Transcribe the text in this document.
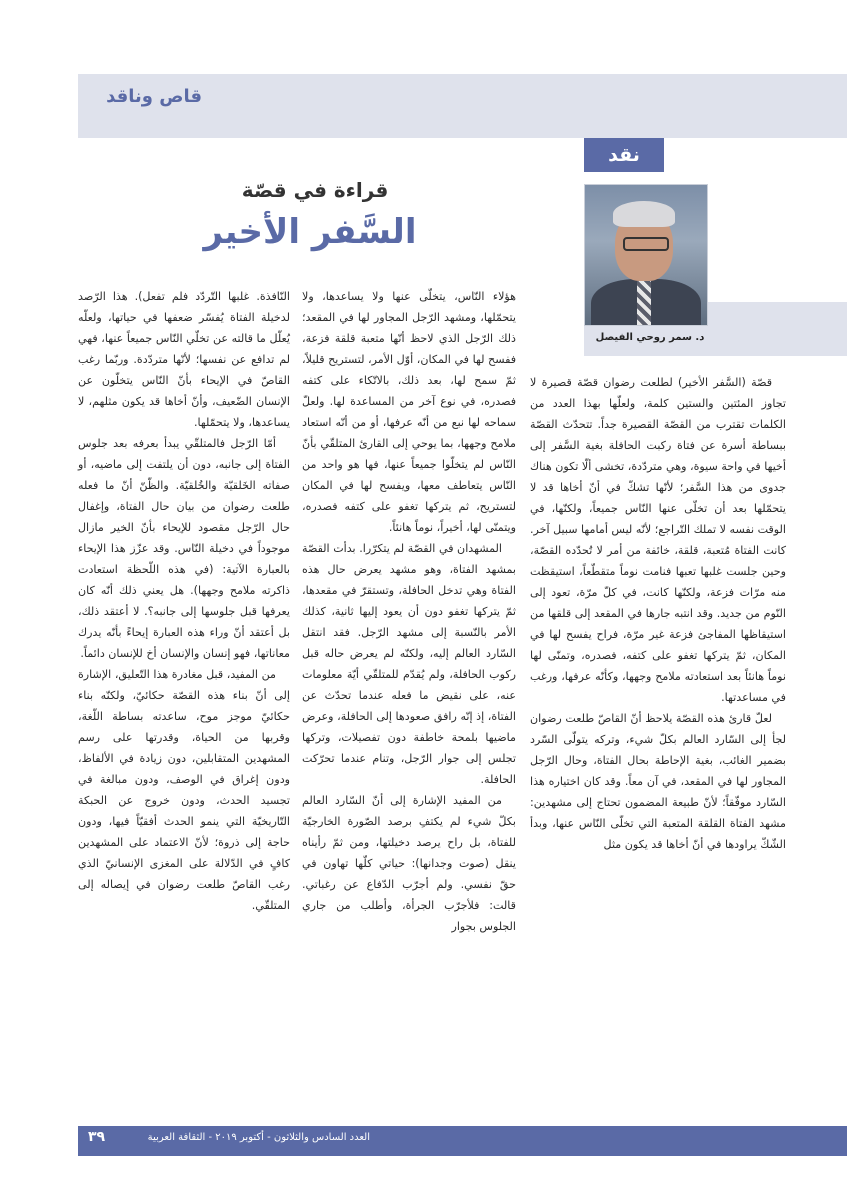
قاص وناقد
نقد
قراءة في قصّة
السَّفر الأخير
د. سمر روحي الفيصل

قصّة (السَّفر الأخير) لطلعت رضوان قصّة قصيرة لا تجاوز المئتين والستين كلمة، ولعلّها بهذا العدد من الكلمات تقترب من القصّة القصيرة جداً. تتحدّث القصّة ببساطة أسرة عن فتاة ركبت الحافلة بغية السَّفر إلى أخيها في واحة سيوة، وهي متردّدة، تخشى ألّا تكون هناك جدوى من هذا السَّفر؛ لأنّها تشكّ في أنّ أخاها قد لا يتحمّلها بعد أن تخلّى عنها النّاس جميعاً، ولكنّها، في الوقت نفسه لا تملك التّراجع؛ لأنّه ليس أمامها سبيل آخر. كانت الفتاة مُتعبة، قلقة، خائفة من أمر لا تُحدّده القصّة، وحين جلست غلبها تعبها فنامت نوماً متقطّعاً، استيقظت منه مرّات فزعة، ولكنّها كانت، في كلّ مرّة، تعود إلى النّوم من جديد. وقد انتبه جارها في المقعد إلى قلقها من استيقاظها المفاجئ فزعة غير مرّة، فراح يفسح لها في المكان، ثمّ يتركها تغفو على كتفه، فصدره، وتمنّى لها نوماً هانئاً بعد استعادته ملامح وجهها، وكأنّه عرفها، ورغب في مساعدتها.

لعلّ قارئ هذه القصّة يلاحظ أنّ القاصّ طلعت رضوان لجأ إلى السّارد العالم بكلّ شيء، وتركه يتولّى السّرد بضمير الغائب، بغية الإحاطة بحال الفتاة، وحال الرّجل المجاور لها في المقعد، في آن معاً. وقد كان اختياره هذا السّارد موفّقاً؛ لأنّ طبيعة المضمون تحتاج إلى مشهدين: مشهد الفتاة القلقة المتعبة التي تخلّى النّاس عنها، وبدأ الشّكّ يراودها في أنّ أخاها قد يكون مثل

هؤلاء النّاس، يتخلّى عنها ولا يساعدها، ولا يتحمّلها، ومشهد الرّجل المجاور لها في المقعد؛ ذلك الرّجل الذي لاحظ أنّها متعبة قلقة فزعة، ففسح لها في المكان، أوّل الأمر، لتستريح قليلاً، ثمّ سمح لها، بعد ذلك، بالاتّكاء على كتفه فصدره، في نوع آخر من المساعدة لها. ولعلّ سماحه لها نبع من أنّه عرفها، أو من أنّه استعاد ملامح وجهها، بما يوحي إلى القارئ المتلقّي بأنّ النّاس لم يتخلّوا جميعاً عنها، فها هو واحد من النّاس يتعاطف معها، ويفسح لها في المكان لتستريح، ثم يتركها تغفو على كتفه فصدره، ويتمنّى لها، أخيراً، نوماً هانئاً.

المشهدان في القصّة لم يتكرّرا. بدأت القصّة بمشهد الفتاة، وهو مشهد يعرض حال هذه الفتاة وهي تدخل الحافلة، وتستقرّ في مقعدها، ثمّ يتركها تغفو دون أن يعود إليها ثانية، كذلك الأمر بالنّسبة إلى مشهد الرّجل. فقد انتقل السّارد العالم إليه، ولكنّه لم يعرض حاله قبل ركوب الحافلة، ولم يُقدّم للمتلقّي أيّة معلومات عنه، على نقيض ما فعله عندما تحدّث عن الفتاة، إذ إنّه رافق صعودها إلى الحافلة، وعرض ماضيها بلمحة خاطفة دون تفصيلات، وتركها تجلس إلى جوار الرّجل، وتنام عندما تحرّكت الحافلة.

من المفيد الإشارة إلى أنّ السّارد العالم بكلّ شيء لم يكتفِ برصد الصّورة الخارجيّة للفتاة، بل راح يرصد دخيلتها، ومن ثمّ رأيناه ينقل (صوت وجدانها): حياتي كلّها تهاون في حقّ نفسي. ولم أجرّب الدّفاع عن رغباتي. قالت: فلأجرّب الجرأة، وأطلب من جاري الجلوس بجوار

النّافذة. غلبها التّردّد فلم تفعل). هذا الرّصد لدخيلة الفتاة يُفسّر ضعفها في حياتها، ولعلّه يُعلّل ما قالته عن تخلّي النّاس جميعاً عنها، فهي لم تدافع عن نفسها؛ لأنّها متردّدة. وربّما رغب القاصّ في الإيحاء بأنّ النّاس يتخلّون عن الإنسان الضّعيف، وأنّ أخاها قد يكون مثلهم، لا يساعدها، ولا يتحمّلها.

أمّا الرّجل فالمتلقّي يبدأ بعرفه بعد جلوس الفتاة إلى جانبه، دون أن يلتفت إلى ماضيه، أو صفاته الخَلقيّة والخُلقيّة. والظّنّ أنّ ما فعله طلعت رضوان من بيان حال الفتاة، وإغفال حال الرّجل مقصود للإيحاء بأنّ الخير مازال موجوداً في دخيلة النّاس. وقد عزّز هذا الإيحاء بالعبارة الآتية: (في هذه اللّحظة استعادت ذاكرته ملامح وجهها). هل يعني ذلك أنّه كان يعرفها قبل جلوسها إلى جانبه؟. لا أعتقد ذلك، بل أعتقد أنّ وراء هذه العبارة إيحاءً بأنّه يدرك معاناتها، فهو إنسان والإنسان أخ للإنسان دائماً.

من المفيد، قبل مغادرة هذا التّعليق، الإشارة إلى أنّ بناء هذه القصّة حكائيّ، ولكنّه بناء حكائيّ موجز موح، ساعدته بساطة اللّغة، وقربها من الحياة، وقدرتها على رسم المشهدين المتقابلين، دون زيادة في الألفاظ، ودون إغراق في الوصف، ودون مبالغة في تجسيد الحدث، ودون خروج عن الحبكة التّاريخيّة التي ينمو الحدث أفقيّاً فيها، ودون حاجة إلى ذروة؛ لأنّ الاعتماد على المشهدين كافٍ في الدّلالة على المغزى الإنسانيّ الذي رغب القاصّ طلعت رضوان في إيصاله إلى المتلقّي.

٣٩	العدد السادس والثلاثون - أكتوبر ٢٠١٩ - الثقافة العربية
